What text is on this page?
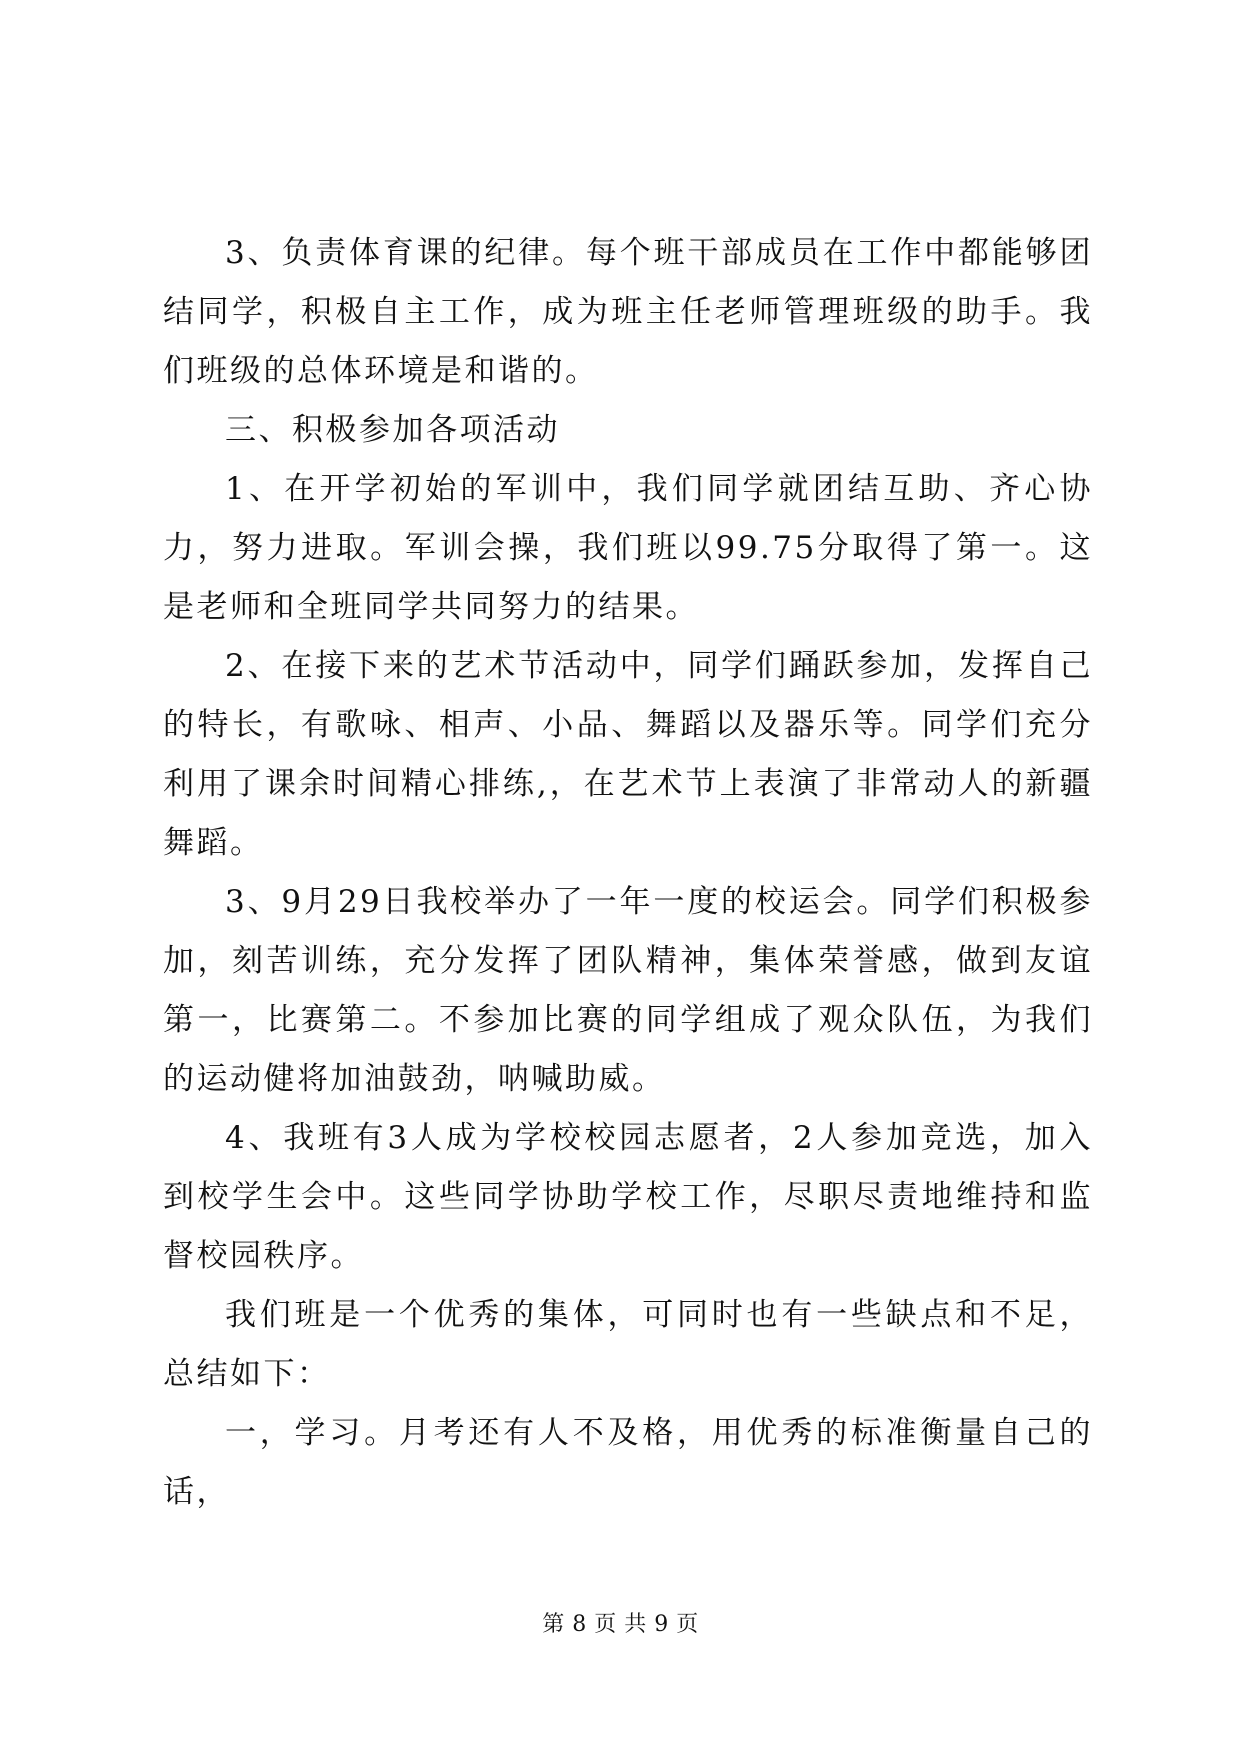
3、负责体育课的纪律。每个班干部成员在工作中都能够团结同学，积极自主工作，成为班主任老师管理班级的助手。我们班级的总体环境是和谐的。

三、积极参加各项活动

1、在开学初始的军训中，我们同学就团结互助、齐心协力，努力进取。军训会操，我们班以99.75分取得了第一。这是老师和全班同学共同努力的结果。

2、在接下来的艺术节活动中，同学们踊跃参加，发挥自己的特长，有歌咏、相声、小品、舞蹈以及器乐等。同学们充分利用了课余时间精心排练,，在艺术节上表演了非常动人的新疆舞蹈。

3、9月29日我校举办了一年一度的校运会。同学们积极参加，刻苦训练，充分发挥了团队精神，集体荣誉感，做到友谊第一，比赛第二。不参加比赛的同学组成了观众队伍，为我们的运动健将加油鼓劲，呐喊助威。

4、我班有3人成为学校校园志愿者，2人参加竞选，加入到校学生会中。这些同学协助学校工作，尽职尽责地维持和监督校园秩序。

我们班是一个优秀的集体，可同时也有一些缺点和不足，总结如下：

一，学习。月考还有人不及格，用优秀的标准衡量自己的话，

第 8 页 共 9 页
